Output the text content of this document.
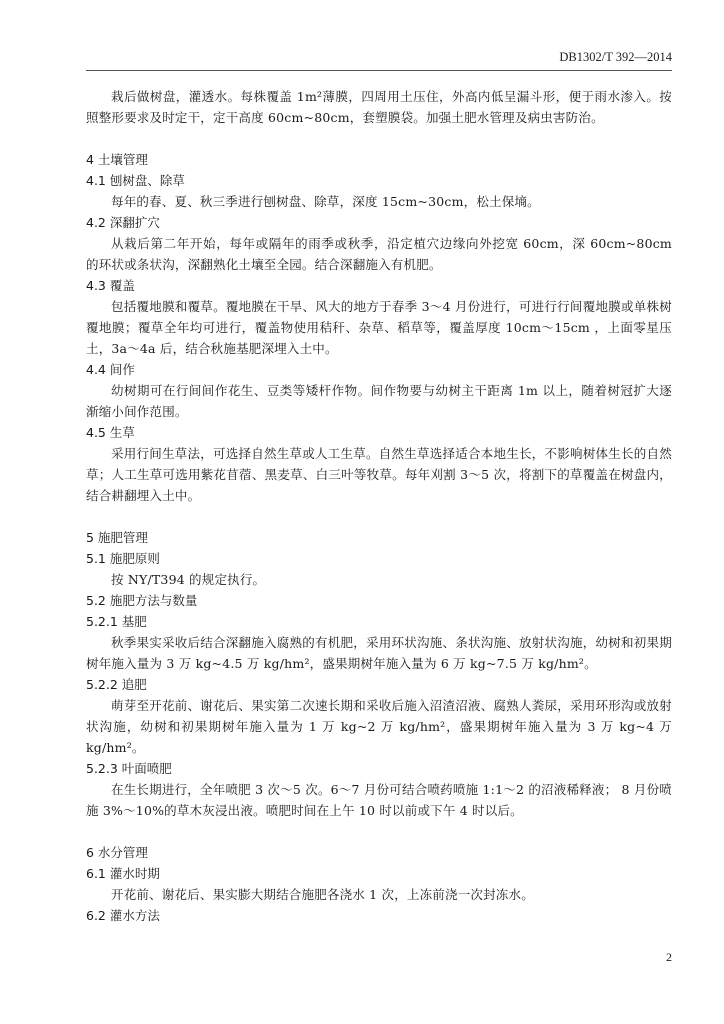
DB1302/T 392—2014

栽后做树盘，灌透水。每株覆盖 1m²薄膜，四周用土压住，外高内低呈漏斗形，便于雨水渗入。按照整形要求及时定干，定干高度 60cm~80cm，套塑膜袋。加强土肥水管理及病虫害防治。

4 土壤管理
4.1 刨树盘、除草

每年的春、夏、秋三季进行刨树盘、除草，深度 15cm~30cm，松土保墒。

4.2 深翻扩穴

从栽后第二年开始，每年或隔年的雨季或秋季，沿定植穴边缘向外挖宽 60cm，深 60cm~80cm 的环状或条状沟，深翻熟化土壤至全园。结合深翻施入有机肥。

4.3 覆盖

包括覆地膜和覆草。覆地膜在干旱、风大的地方于春季 3～4 月份进行，可进行行间覆地膜或单株树覆地膜；覆草全年均可进行，覆盖物使用秸秆、杂草、稻草等，覆盖厚度 10cm～15cm ，上面零星压土，3a～4a 后，结合秋施基肥深埋入土中。

4.4 间作

幼树期可在行间间作花生、豆类等矮杆作物。间作物要与幼树主干距离 1m 以上，随着树冠扩大逐渐缩小间作范围。

4.5 生草

采用行间生草法，可选择自然生草或人工生草。自然生草选择适合本地生长，不影响树体生长的自然草；人工生草可选用紫花苜蓿、黑麦草、白三叶等牧草。每年刈割 3～5 次，将割下的草覆盖在树盘内，结合耕翻埋入土中。

5 施肥管理
5.1 施肥原则

按 NY/T394 的规定执行。

5.2 施肥方法与数量
5.2.1 基肥

秋季果实采收后结合深翻施入腐熟的有机肥，采用环状沟施、条状沟施、放射状沟施，幼树和初果期树年施入量为 3 万 kg~4.5 万 kg/hm²，盛果期树年施入量为 6 万 kg~7.5 万 kg/hm²。

5.2.2 追肥

萌芽至开花前、谢花后、果实第二次速长期和采收后施入沼渣沼液、腐熟人粪尿，采用环形沟或放射状沟施，幼树和初果期树年施入量为 1 万 kg~2 万 kg/hm²，盛果期树年施入量为 3 万 kg~4 万 kg/hm²。

5.2.3 叶面喷肥

在生长期进行，全年喷肥 3 次～5 次。6～7 月份可结合喷药喷施 1:1～2 的沼液稀释液； 8 月份喷施 3%～10%的草木灰浸出液。喷肥时间在上午 10 时以前或下午 4 时以后。

6 水分管理
6.1 灌水时期

开花前、谢花后、果实膨大期结合施肥各浇水 1 次，上冻前浇一次封冻水。

6.2 灌水方法
2
